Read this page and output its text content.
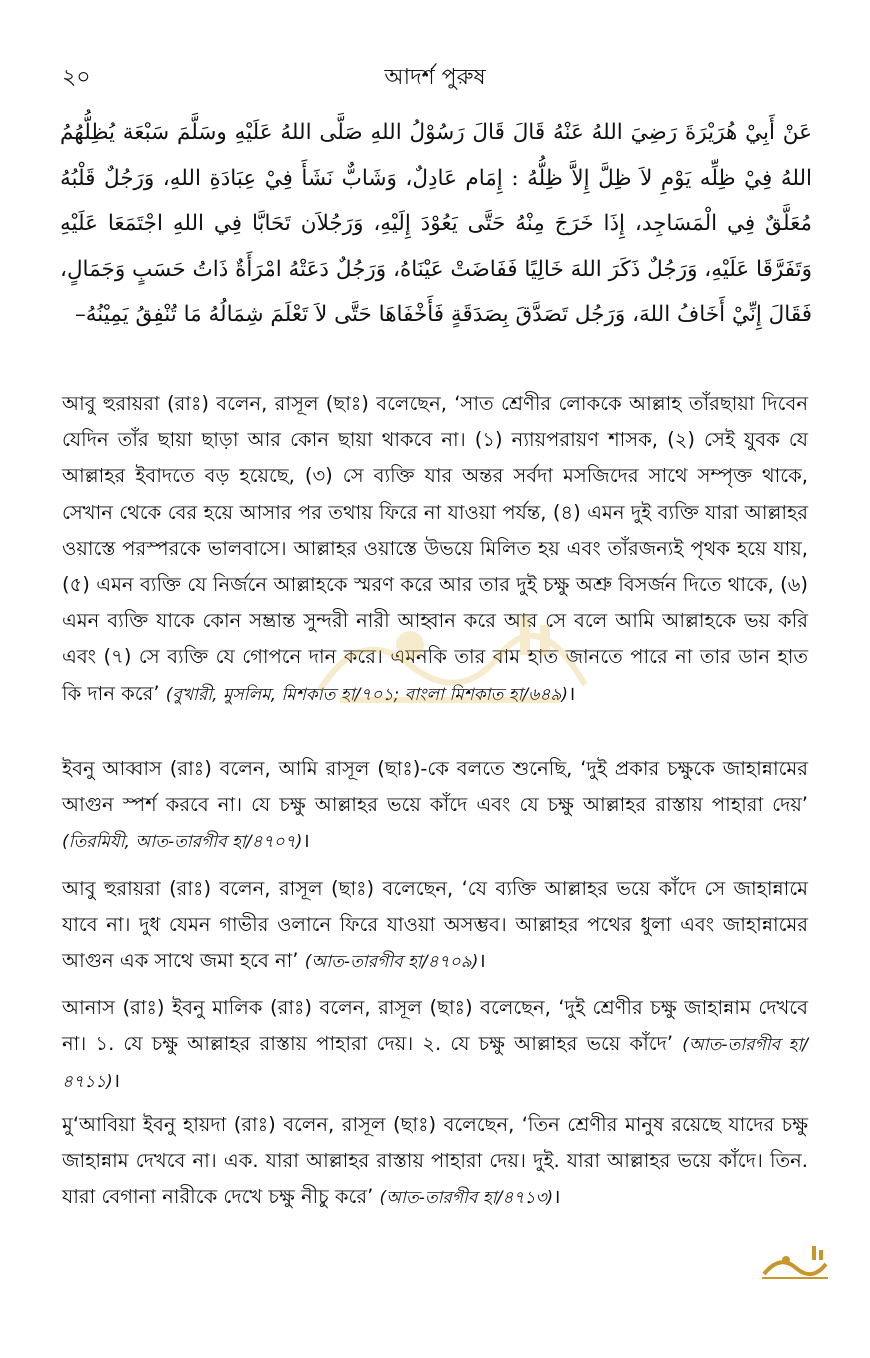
২০	আদর্শ পুরুষ

عَنْ أَبِيْ هُرَيْرَةَ رَضِيَ اللهُ عَنْهُ قَالَ قَالَ رَسُوْلُ اللهِ صَلَّى اللهُ عَلَيْهِ وسَلَّمَ سَبْعَة يُظِلُّهُمُ اللهُ فِيْ ظِلِّه يَوْمِ لاَ ظِلَّ إِلاَّ ظِلُّهُ : إِمَام عَادِلٌ، وَشَابٌّ نَشَأَ فِيْ عِبَادَةِ اللهِ، وَرَجُلٌ قَلْبُهُ مُعَلَّقٌ فِي الْمَسَاجِد، إِذَا خَرَجَ مِنْهُ حَتَّى يَعُوْدَ إِلَيْهِ، وَرَجُلاَن تَحَابَّا فِي اللهِ اجْتَمَعَا عَلَيْهِ وَتَفَرَّقَا عَلَيْهِ، وَرَجُلٌ ذَكَرَ اللهَ خَالِيًا فَفَاضَتْ عَيْنَاهُ، وَرَجُلٌ دَعَتْهُ امْرَأَةٌ ذَاتُ حَسَبٍ وَجَمَالٍ، فَقَالَ إِنِّيْ أَخَافُ اللهَ، وَرَجُل تَصَدَّقَ بِصَدَقَةٍ فَأَخْفَاهَا حَتَّى لاَ تَعْلَمَ شِمَالُهُ مَا تُنْفِقُ يَمِيْنُهُ–

আবু হুরায়রা (রাঃ) বলেন, রাসূল (ছাঃ) বলেছেন, ‘সাত শ্রেণীর লোককে আল্লাহ তাঁরছায়া দিবেন যেদিন তাঁর ছায়া ছাড়া আর কোন ছায়া থাকবে না। (১) ন্যায়পরায়ণ শাসক, (২) সেই যুবক যে আল্লাহর ইবাদতে বড় হয়েছে, (৩) সে ব্যক্তি যার অন্তর সর্বদা মসজিদের সাথে সম্পৃক্ত থাকে, সেখান থেকে বের হয়ে আসার পর তথায় ফিরে না যাওয়া পর্যন্ত, (৪) এমন দুই ব্যক্তি যারা আল্লাহর ওয়াস্তে পরস্পরকে ভালবাসে। আল্লাহর ওয়াস্তে উভয়ে মিলিত হয় এবং তাঁরজন্যই পৃথক হয়ে যায়, (৫) এমন ব্যক্তি যে নির্জনে আল্লাহকে স্মরণ করে আর তার দুই চক্ষু অশ্রু বিসর্জন দিতে থাকে, (৬) এমন ব্যক্তি যাকে কোন সম্ভ্রান্ত সুন্দরী নারী আহ্বান করে আর সে বলে আমি আল্লাহকে ভয় করি এবং (৭) সে ব্যক্তি যে গোপনে দান করে। এমনকি তার বাম হাত জানতে পারে না তার ডান হাত কি দান করে’ (বুখারী, মুসলিম, মিশকাত হা/৭০১; বাংলা মিশকাত হা/৬৪৯)।

ইবনু আব্বাস (রাঃ) বলেন, আমি রাসূল (ছাঃ)-কে বলতে শুনেছি, ‘দুই প্রকার চক্ষুকে জাহান্নামের আগুন স্পর্শ করবে না। যে চক্ষু আল্লাহর ভয়ে কাঁদে এবং যে চক্ষু আল্লাহর রাস্তায় পাহারা দেয়’ (তিরমিযী, আত-তারগীব হা/৪৭০৭)।

আবু হুরায়রা (রাঃ) বলেন, রাসূল (ছাঃ) বলেছেন, ‘যে ব্যক্তি আল্লাহর ভয়ে কাঁদে সে জাহান্নামে যাবে না। দুধ যেমন গাভীর ওলানে ফিরে যাওয়া অসম্ভব। আল্লাহর পথের ধুলা এবং জাহান্নামের আগুন এক সাথে জমা হবে না’ (আত-তারগীব হা/৪৭০৯)।

আনাস (রাঃ) ইবনু মালিক (রাঃ) বলেন, রাসূল (ছাঃ) বলেছেন, ‘দুই শ্রেণীর চক্ষু জাহান্নাম দেখবে না। ১. যে চক্ষু আল্লাহর রাস্তায় পাহারা দেয়। ২. যে চক্ষু আল্লাহর ভয়ে কাঁদে’ (আত-তারগীব হা/৪৭১১)।

মু‘আবিয়া ইবনু হায়দা (রাঃ) বলেন, রাসূল (ছাঃ) বলেছেন, ‘তিন শ্রেণীর মানুষ রয়েছে যাদের চক্ষু জাহান্নাম দেখবে না। এক. যারা আল্লাহর রাস্তায় পাহারা দেয়। দুই. যারা আল্লাহর ভয়ে কাঁদে। তিন. যারা বেগানা নারীকে দেখে চক্ষু নীচু করে’ (আত-তারগীব হা/৪৭১৩)।
